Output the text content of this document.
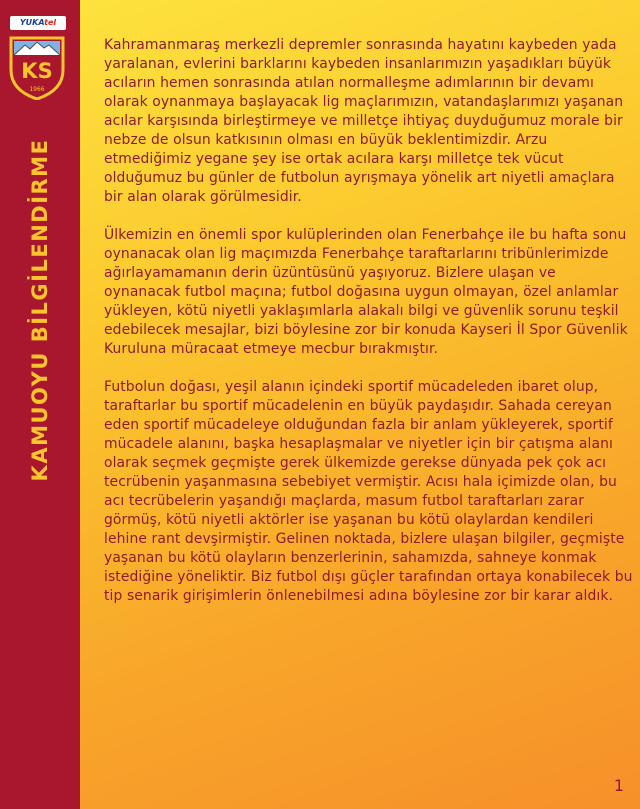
YUKAtel
KS
1966
KAMUOYU BİLGİLENDİRME

Kahramanmaraş merkezli depremler sonrasında hayatını kaybeden yada yaralanan, evlerini barklarını kaybeden insanlarımızın yaşadıkları büyük acıların hemen sonrasında atılan normalleşme adımlarının bir devamı olarak oynanmaya başlayacak lig maçlarımızın, vatandaşlarımızı yaşanan acılar karşısında birleştirmeye ve milletçe ihtiyaç duyduğumuz morale bir nebze de olsun katkısının olması en büyük beklentimizdir. Arzu etmediğimiz yegane şey ise ortak acılara karşı milletçe tek vücut olduğumuz bu günler de futbolun ayrışmaya yönelik art niyetli amaçlara bir alan olarak görülmesidir.

Ülkemizin en önemli spor kulüplerinden olan Fenerbahçe ile bu hafta sonu oynanacak olan lig maçımızda Fenerbahçe taraftarlarını tribünlerimizde ağırlayamamanın derin üzüntüsünü yaşıyoruz. Bizlere ulaşan ve oynanacak futbol maçına; futbol doğasına uygun olmayan, özel anlamlar yükleyen, kötü niyetli yaklaşımlarla alakalı bilgi ve güvenlik sorunu teşkil edebilecek mesajlar, bizi böylesine zor bir konuda Kayseri İl Spor Güvenlik Kuruluna müracaat etmeye mecbur bırakmıştır.

Futbolun doğası, yeşil alanın içindeki sportif mücadeleden ibaret olup, taraftarlar bu sportif mücadelenin en büyük paydaşıdır. Sahada cereyan eden sportif mücadeleye olduğundan fazla bir anlam yükleyerek, sportif mücadele alanını, başka hesaplaşmalar ve niyetler için bir çatışma alanı olarak seçmek geçmişte gerek ülkemizde gerekse dünyada pek çok acı tecrübenin yaşanmasına sebebiyet vermiştir. Acısı hala içimizde olan, bu acı tecrübelerin yaşandığı maçlarda, masum futbol taraftarları zarar görmüş, kötü niyetli aktörler ise yaşanan bu kötü olaylardan kendileri lehine rant devşirmiştir. Gelinen noktada, bizlere ulaşan bilgiler, geçmişte yaşanan bu kötü olayların benzerlerinin, sahamızda, sahneye konmak istediğine yöneliktir. Biz futbol dışı güçler tarafından ortaya konabilecek bu tip senarik girişimlerin önlenebilmesi adına böylesine zor bir karar aldık.

1
